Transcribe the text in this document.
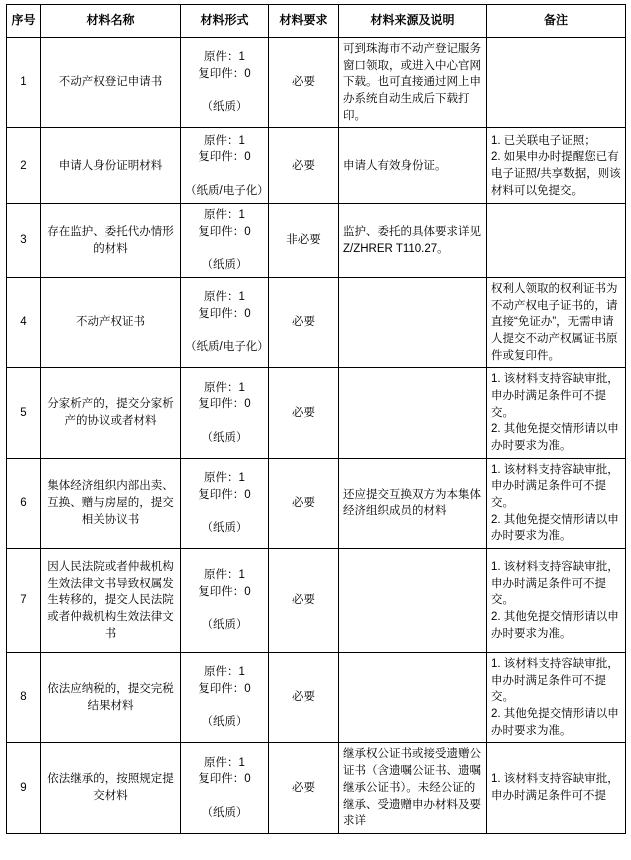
序号	材料名称	材料形式	材料要求	材料来源及说明	备注
1	不动产权登记申请书	原件：1
复印件：0

（纸质）	必要	可到珠海市不动产登记服务窗口领取，或进入中心官网下载。也可直接通过网上申办系统自动生成后下载打印。	

2	申请人身份证明材料	原件：1
复印件：0

（纸质/电子化）	必要	申请人有效身份证。	1. 已关联电子证照；
2. 如果申办时提醒您已有电子证照/共享数据，则该材料可以免提交。

3	存在监护、委托代办情形的材料	原件：1
复印件：0

（纸质）	非必要	监护、委托的具体要求详见Z/ZHRER T110.27。	

4	不动产权证书	原件：1
复印件：0

（纸质/电子化）	必要		权利人领取的权利证书为不动产权电子证书的，请直接“免证办”，无需申请人提交不动产权属证书原件或复印件。

5	分家析产的，提交分家析产的协议或者材料	原件：1
复印件：0

（纸质）	必要		1. 该材料支持容缺审批，申办时满足条件可不提交。
2. 其他免提交情形请以申办时要求为准。

6	集体经济组织内部出卖、互换、赠与房屋的，提交相关协议书	原件：1
复印件：0

（纸质）	必要	还应提交互换双方为本集体经济组织成员的材料	1. 该材料支持容缺审批，申办时满足条件可不提交。
2. 其他免提交情形请以申办时要求为准。

7	因人民法院或者仲裁机构生效法律文书导致权属发生转移的，提交人民法院或者仲裁机构生效法律文书	原件：1
复印件：0

（纸质）	必要		1. 该材料支持容缺审批，申办时满足条件可不提交。
2. 其他免提交情形请以申办时要求为准。

8	依法应纳税的，提交完税结果材料	原件：1
复印件：0

（纸质）	必要		1. 该材料支持容缺审批，申办时满足条件可不提交。
2. 其他免提交情形请以申办时要求为准。

9	依法继承的，按照规定提交材料	原件：1
复印件：0

（纸质）	必要	继承权公证书或接受遗赠公证书（含遗嘱公证书、遗嘱继承公证书）。未经公证的继承、受遗赠申办材料及要求详	1. 该材料支持容缺审批，申办时满足条件可不提
